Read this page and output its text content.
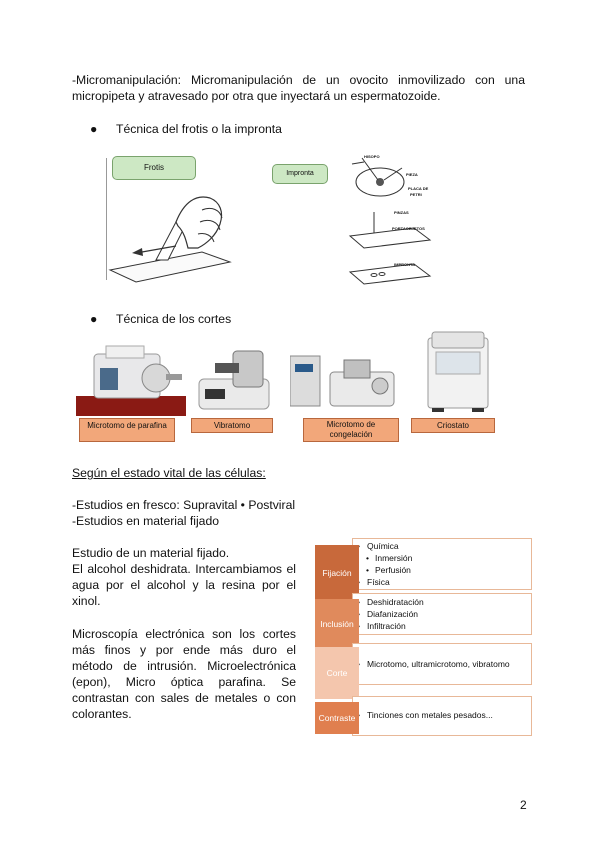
-Micromanipulación: Micromanipulación de un ovocito inmovilizado con una micropipeta y atravesado por otra que inyectará un espermatozoide.
● Técnica del frotis o la impronta
Frotis
Impronta
HISOPO
PIEZA
PLACA DE
PETRI
PINZAS
PORTAOBJETOS
IMPRONTA
● Técnica de los cortes
Microtomo de parafina	Vibratomo	Microtomo de congelación
Criostato
Según el estado vital de las células:
-Estudios en fresco: Supravital • Postviral
-Estudios en material fijado
Estudio de un material fijado.
El alcohol deshidrata. Intercambiamos el agua por el alcohol y la resina por el xinol.
Microscopía electrónica son los cortes más finos y por ende más duro el método de intrusión. Microelectrónica (epon), Micro óptica parafina. Se contrastan con sales de metales o con colorantes.
• Química
• Inmersión
• Perfusión
• Física
Fijación
• Deshidratación
• Diafanización
• Infiltración
Inclusión
• Microtomo, ultramicrotomo, vibratomo
Corte
• Tinciones con metales pesados...
Contraste
2
